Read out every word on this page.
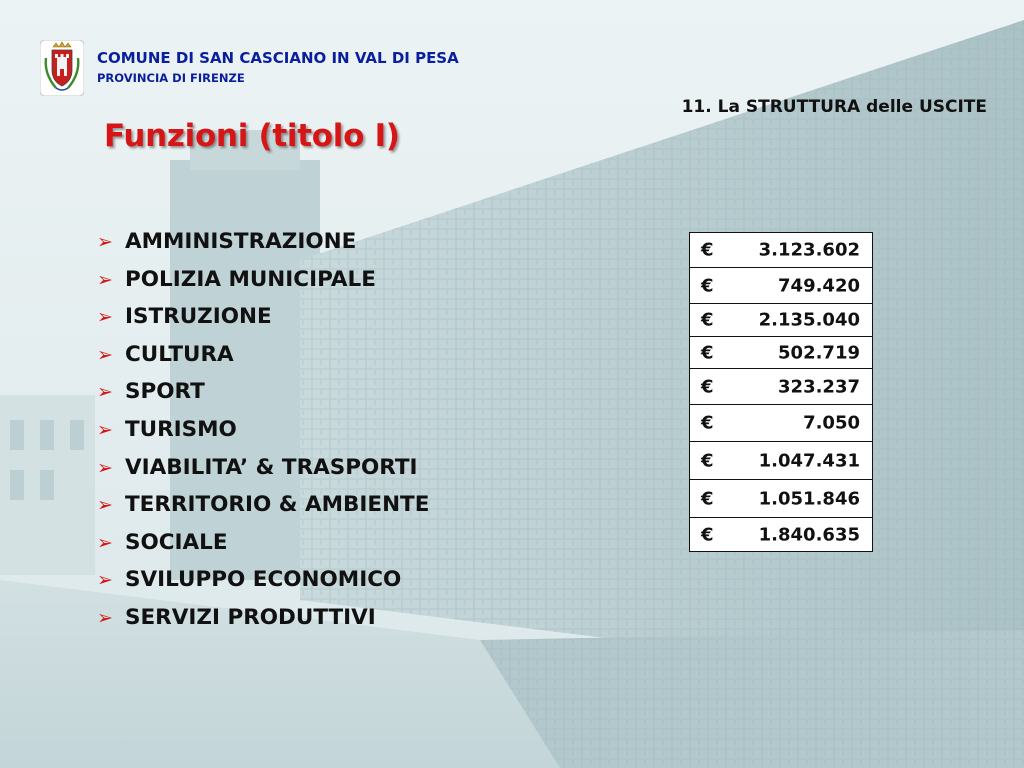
COMUNE DI SAN CASCIANO IN VAL DI PESA
PROVINCIA DI FIRENZE
11. La STRUTTURA delle USCITE
Funzioni (titolo I)
➢ AMMINISTRAZIONE
➢ POLIZIA MUNICIPALE
➢ ISTRUZIONE
➢ CULTURA
➢ SPORT
➢ TURISMO
➢ VIABILITA’ & TRASPORTI
➢ TERRITORIO & AMBIENTE
➢ SOCIALE
➢ SVILUPPO ECONOMICO
➢ SERVIZI PRODUTTIVI
€	3.123.602
€	749.420
€	2.135.040
€	502.719
€	323.237
€	7.050
€	1.047.431
€	1.051.846
€	1.840.635
